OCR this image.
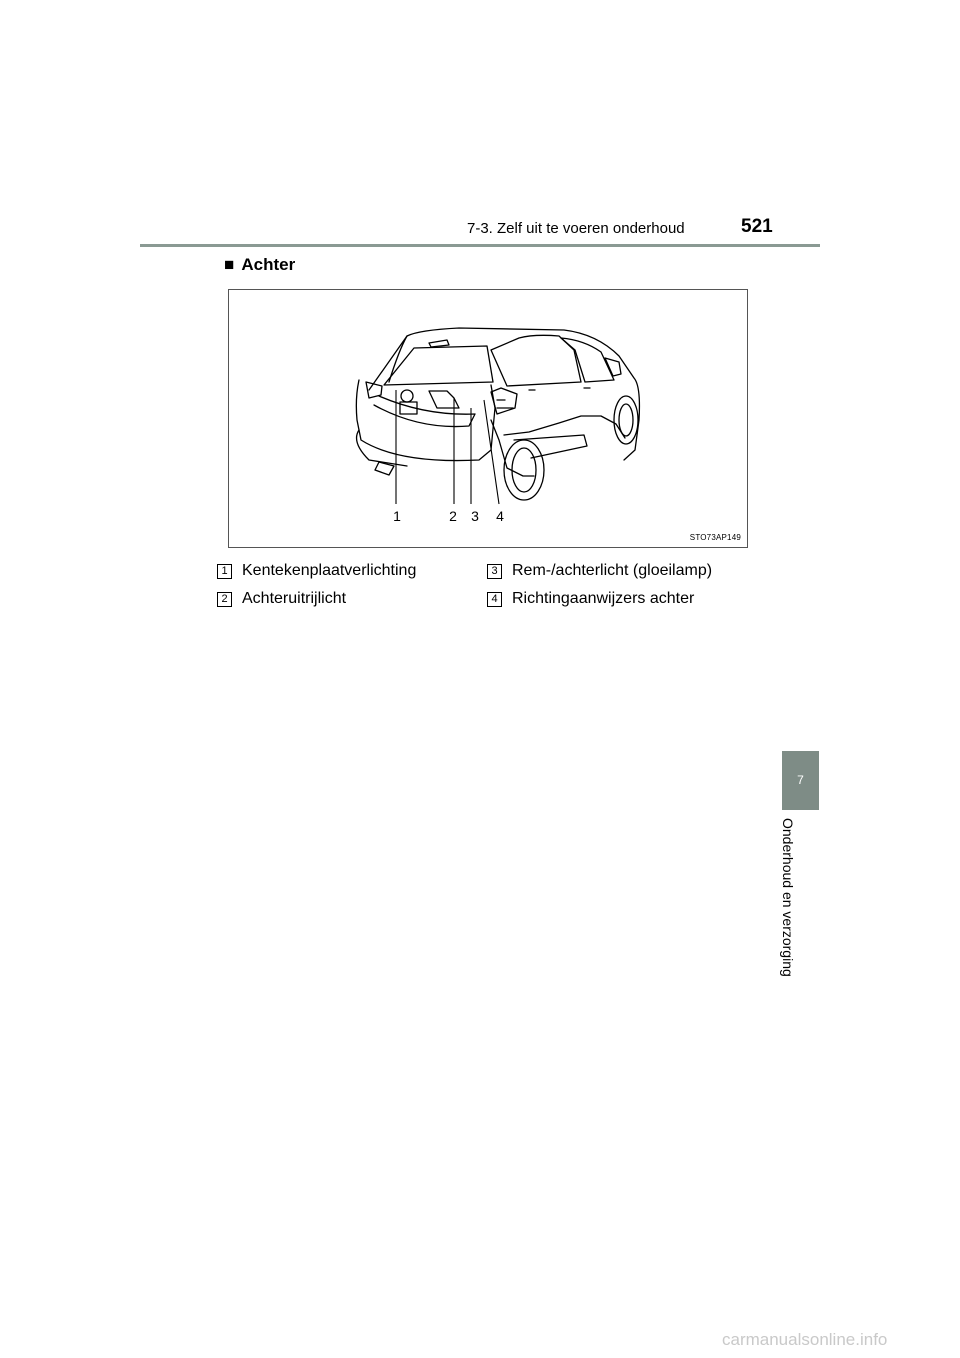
7-3. Zelf uit te voeren onderhoud	521
■ Achter
1	2 3 4
STO73AP149
1 Kentekenplaatverlichting
2 Achteruitrijlicht
3 Rem-/achterlicht (gloeilamp)
4 Richtingaanwijzers achter
7
Onderhoud en verzorging
carmanualsonline.info
